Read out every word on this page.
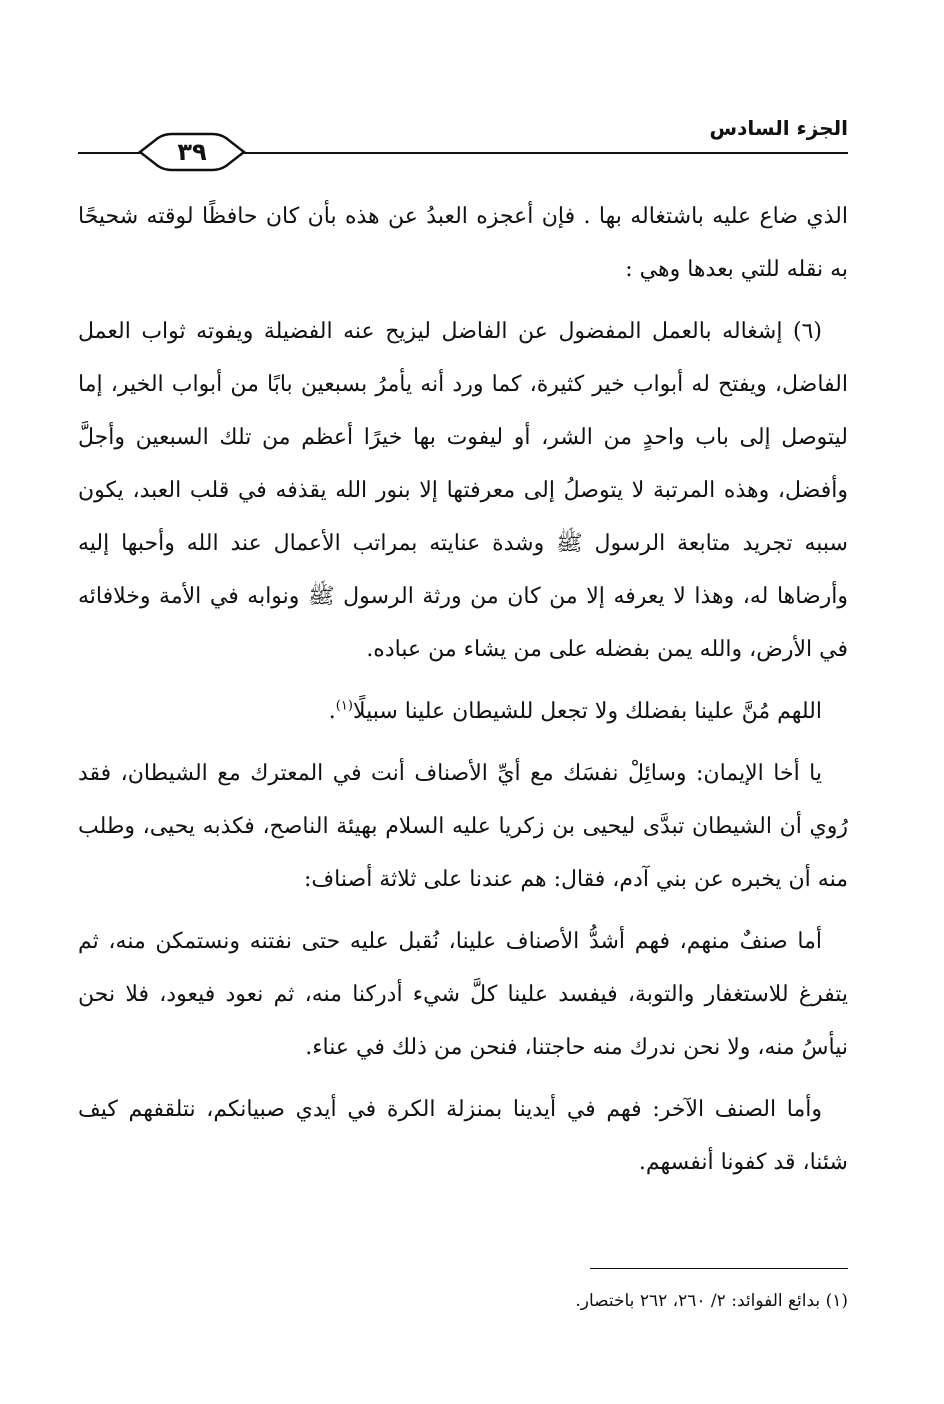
٣٩
الجزء السادس

الذي ضاع عليه باشتغاله بها . فإن أعجزه العبدُ عن هذه بأن كان حافظًا لوقته شحيحًا به نقله للتي بعدها وهي :

(٦) إشغاله بالعمل المفضول عن الفاضل ليزيح عنه الفضيلة ويفوته ثواب العمل الفاضل، ويفتح له أبواب خير كثيرة، كما ورد أنه يأمرُ بسبعين بابًا من أبواب الخير، إما ليتوصل إلى باب واحدٍ من الشر، أو ليفوت بها خيرًا أعظم من تلك السبعين وأجلَّ وأفضل، وهذه المرتبة لا يتوصلُ إلى معرفتها إلا بنور الله يقذفه في قلب العبد، يكون سببه تجريد متابعة الرسول ﷺ وشدة عنايته بمراتب الأعمال عند الله وأحبها إليه وأرضاها له، وهذا لا يعرفه إلا من كان من ورثة الرسول ﷺ ونوابه في الأمة وخلافائه في الأرض، والله يمن بفضله على من يشاء من عباده.

اللهم مُنَّ علينا بفضلك ولا تجعل للشيطان علينا سبيلًا$^{(١)}$.

يا أخا الإيمان: وسائِلْ نفسَك مع أيِّ الأصناف أنت في المعترك مع الشيطان، فقد رُوي أن الشيطان تبدَّى ليحيى بن زكريا عليه السلام بهيئة الناصح، فكذبه يحيى، وطلب منه أن يخبره عن بني آدم، فقال: هم عندنا على ثلاثة أصناف:

أما صنفٌ منهم، فهم أشدُّ الأصناف علينا، نُقبل عليه حتى نفتنه ونستمكن منه، ثم يتفرغ للاستغفار والتوبة، فيفسد علينا كلَّ شيء أدركنا منه، ثم نعود فيعود، فلا نحن نيأسُ منه، ولا نحن ندرك منه حاجتنا، فنحن من ذلك في عناء.

وأما الصنف الآخر: فهم في أيدينا بمنزلة الكرة في أيدي صبيانكم، نتلقفهم كيف شئنا، قد كفونا أنفسهم.

(١) بدائع الفوائد: ٢/ ٢٦٠، ٢٦٢ باختصار.
